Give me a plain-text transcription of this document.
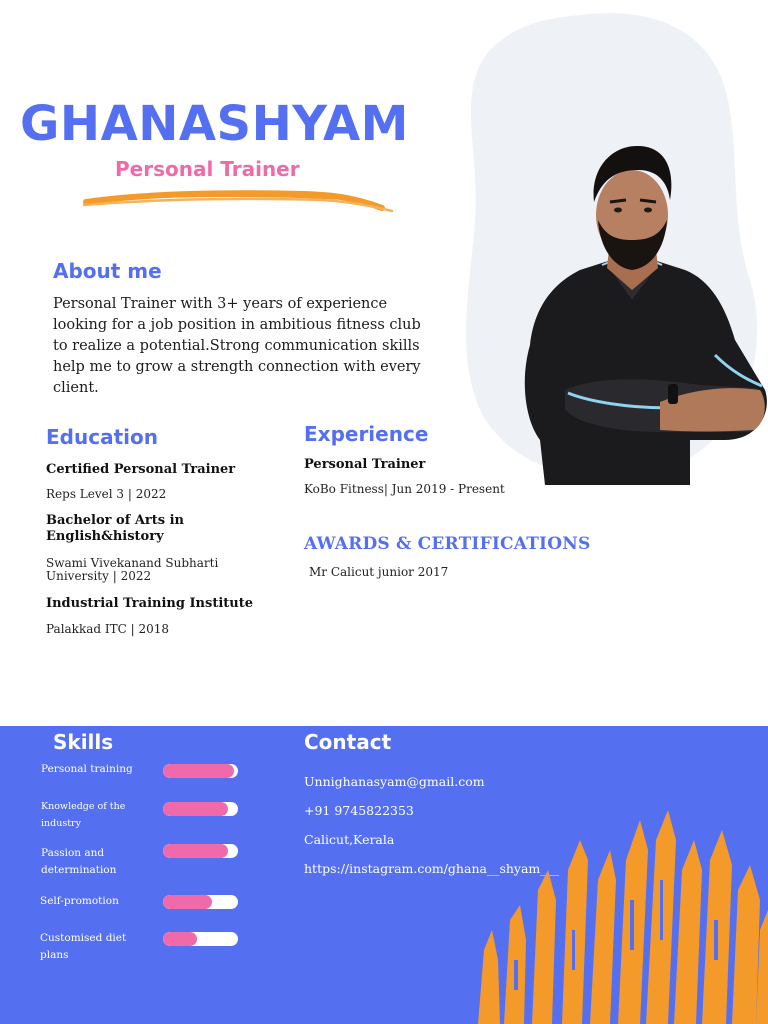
GHANASHYAM
Personal Trainer
About me
Personal Trainer with 3+ years of experience looking for a job position in ambitious fitness club to realize a potential.Strong communication skills help me to grow a strength connection with every client.
Education
Certified Personal Trainer
Reps Level 3 | 2022
Bachelor of Arts in English&history
Swami Vivekanand Subharti University | 2022
Industrial Training Institute
Palakkad ITC | 2018
Experience
Personal Trainer
KoBo Fitness| Jun 2019 - Present
AWARDS & CERTIFICATIONS
Mr Calicut junior 2017
Skills
Personal training
Knowledge of the industry
Passion and determination
Self-promotion
Customised diet plans
Contact
Unnighanasyam@gmail.com
+91 9745822353
Calicut,Kerala
https://instagram.com/ghana__shyam___
